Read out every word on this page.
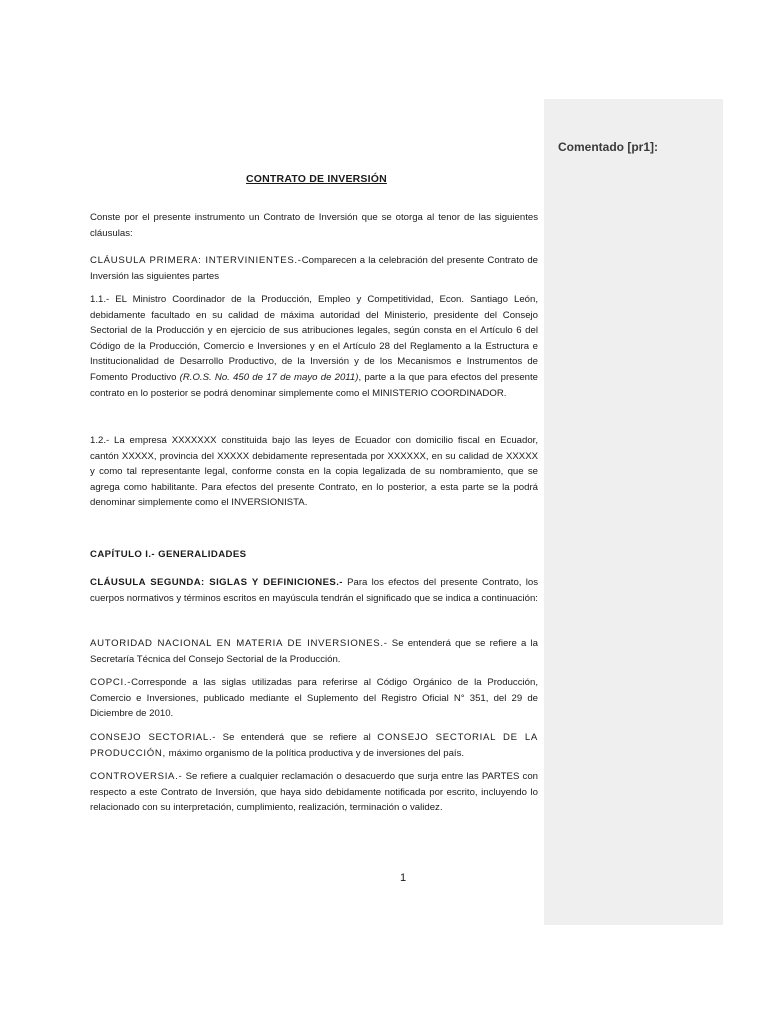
Comentado [pr1]:
CONTRATO DE INVERSIÓN

Conste por el presente instrumento un Contrato de Inversión que se otorga al tenor de las siguientes cláusulas:

CLÁUSULA PRIMERA: INTERVINIENTES.-Comparecen a la celebración del presente Contrato de Inversión las siguientes partes

1.1.- EL Ministro Coordinador de la Producción, Empleo y Competitividad, Econ. Santiago León, debidamente facultado en su calidad de máxima autoridad del Ministerio, presidente del Consejo Sectorial de la Producción y en ejercicio de sus atribuciones legales, según consta en el Artículo 6 del Código de la Producción, Comercio e Inversiones y en el Artículo 28 del Reglamento a la Estructura e Institucionalidad de Desarrollo Productivo, de la Inversión y de los Mecanismos e Instrumentos de Fomento Productivo (R.O.S. No. 450 de 17 de mayo de 2011), parte a la que para efectos del presente contrato en lo posterior se podrá denominar simplemente como el MINISTERIO COORDINADOR.

1.2.- La empresa XXXXXXX constituida bajo las leyes de Ecuador con domicilio fiscal en Ecuador, cantón XXXXX, provincia del XXXXX debidamente representada por XXXXXX, en su calidad de XXXXX y como tal representante legal, conforme consta en la copia legalizada de su nombramiento, que se agrega como habilitante. Para efectos del presente Contrato, en lo posterior, a esta parte se la podrá denominar simplemente como el INVERSIONISTA.

CAPÍTULO I.- GENERALIDADES

CLÁUSULA SEGUNDA: SIGLAS Y DEFINICIONES.- Para los efectos del presente Contrato, los cuerpos normativos y términos escritos en mayúscula tendrán el significado que se indica a continuación:

AUTORIDAD NACIONAL EN MATERIA DE INVERSIONES.- Se entenderá que se refiere a la Secretaría Técnica del Consejo Sectorial de la Producción.

COPCI.-Corresponde a las siglas utilizadas para referirse al Código Orgánico de la Producción, Comercio e Inversiones, publicado mediante el Suplemento del Registro Oficial N° 351, del 29 de Diciembre de 2010.

CONSEJO SECTORIAL.- Se entenderá que se refiere al CONSEJO SECTORIAL DE LA PRODUCCIÓN, máximo organismo de la política productiva y de inversiones del país.

CONTROVERSIA.- Se refiere a cualquier reclamación o desacuerdo que surja entre las PARTES con respecto a este Contrato de Inversión, que haya sido debidamente notificada por escrito, incluyendo lo relacionado con su interpretación, cumplimiento, realización, terminación o validez.

1
